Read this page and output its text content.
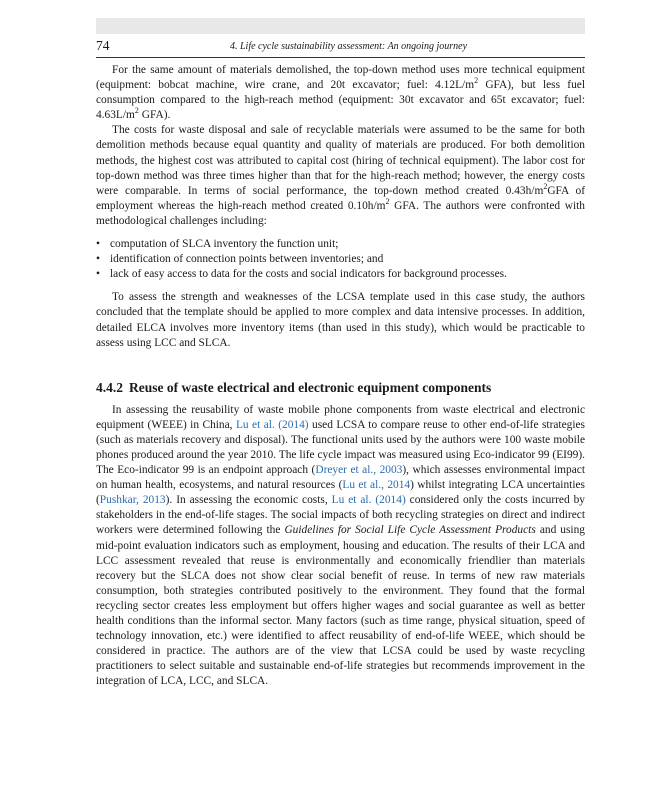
74	4. Life cycle sustainability assessment: An ongoing journey

For the same amount of materials demolished, the top-down method uses more technical equipment (equipment: bobcat machine, wire crane, and 20t excavator; fuel: $4.12L/m^2$ GFA), but less fuel consumption compared to the high-reach method (equipment: 30t excavator and 65t excavator; fuel: $4.63L/m^2$ GFA).

The costs for waste disposal and sale of recyclable materials were assumed to be the same for both demolition methods because equal quantity and quality of materials are produced. For both demolition methods, the highest cost was attributed to capital cost (hiring of technical equipment). The labor cost for top-down method was three times higher than that for the high-reach method; however, the energy costs were comparable. In terms of social performance, the top-down method created $0.43h/m^2GFA$ of employment whereas the high-reach method created $0.10h/m^2$ GFA. The authors were confronted with methodological challenges including:

• computation of SLCA inventory the function unit;
• identification of connection points between inventories; and
• lack of easy access to data for the costs and social indicators for background processes.

To assess the strength and weaknesses of the LCSA template used in this case study, the authors concluded that the template should be applied to more complex and data intensive processes. In addition, detailed ELCA involves more inventory items (than used in this study), which would be practicable to assess using LCC and SLCA.

4.4.2 Reuse of waste electrical and electronic equipment components

In assessing the reusability of waste mobile phone components from waste electrical and electronic equipment (WEEE) in China, Lu et al. (2014) used LCSA to compare reuse to other end-of-life strategies (such as materials recovery and disposal). The functional units used by the authors were 100 waste mobile phones produced around the year 2010. The life cycle impact was measured using Eco-indicator 99 (EI99). The Eco-indicator 99 is an endpoint approach (Dreyer et al., 2003), which assesses environmental impact on human health, ecosystems, and natural resources (Lu et al., 2014) whilst integrating LCA uncertainties (Pushkar, 2013). In assessing the economic costs, Lu et al. (2014) considered only the costs incurred by stakeholders in the end-of-life stages. The social impacts of both recycling strategies on direct and indirect workers were determined following the Guidelines for Social Life Cycle Assessment Products and using mid-point evaluation indicators such as employment, housing and education. The results of their LCA and LCC assessment revealed that reuse is environmentally and economically friendlier than materials recovery but the SLCA does not show clear social benefit of reuse. In terms of new raw materials consumption, both strategies contributed positively to the environment. They found that the formal recycling sector creates less employment but offers higher wages and social guarantee as well as better health conditions than the informal sector. Many factors (such as time range, physical situation, speed of technology innovation, etc.) were identified to affect reusability of end-of-life WEEE, which should be considered in practice. The authors are of the view that LCSA could be used by waste recycling practitioners to select suitable and sustainable end-of-life strategies but recommends improvement in the integration of LCA, LCC, and SLCA.
